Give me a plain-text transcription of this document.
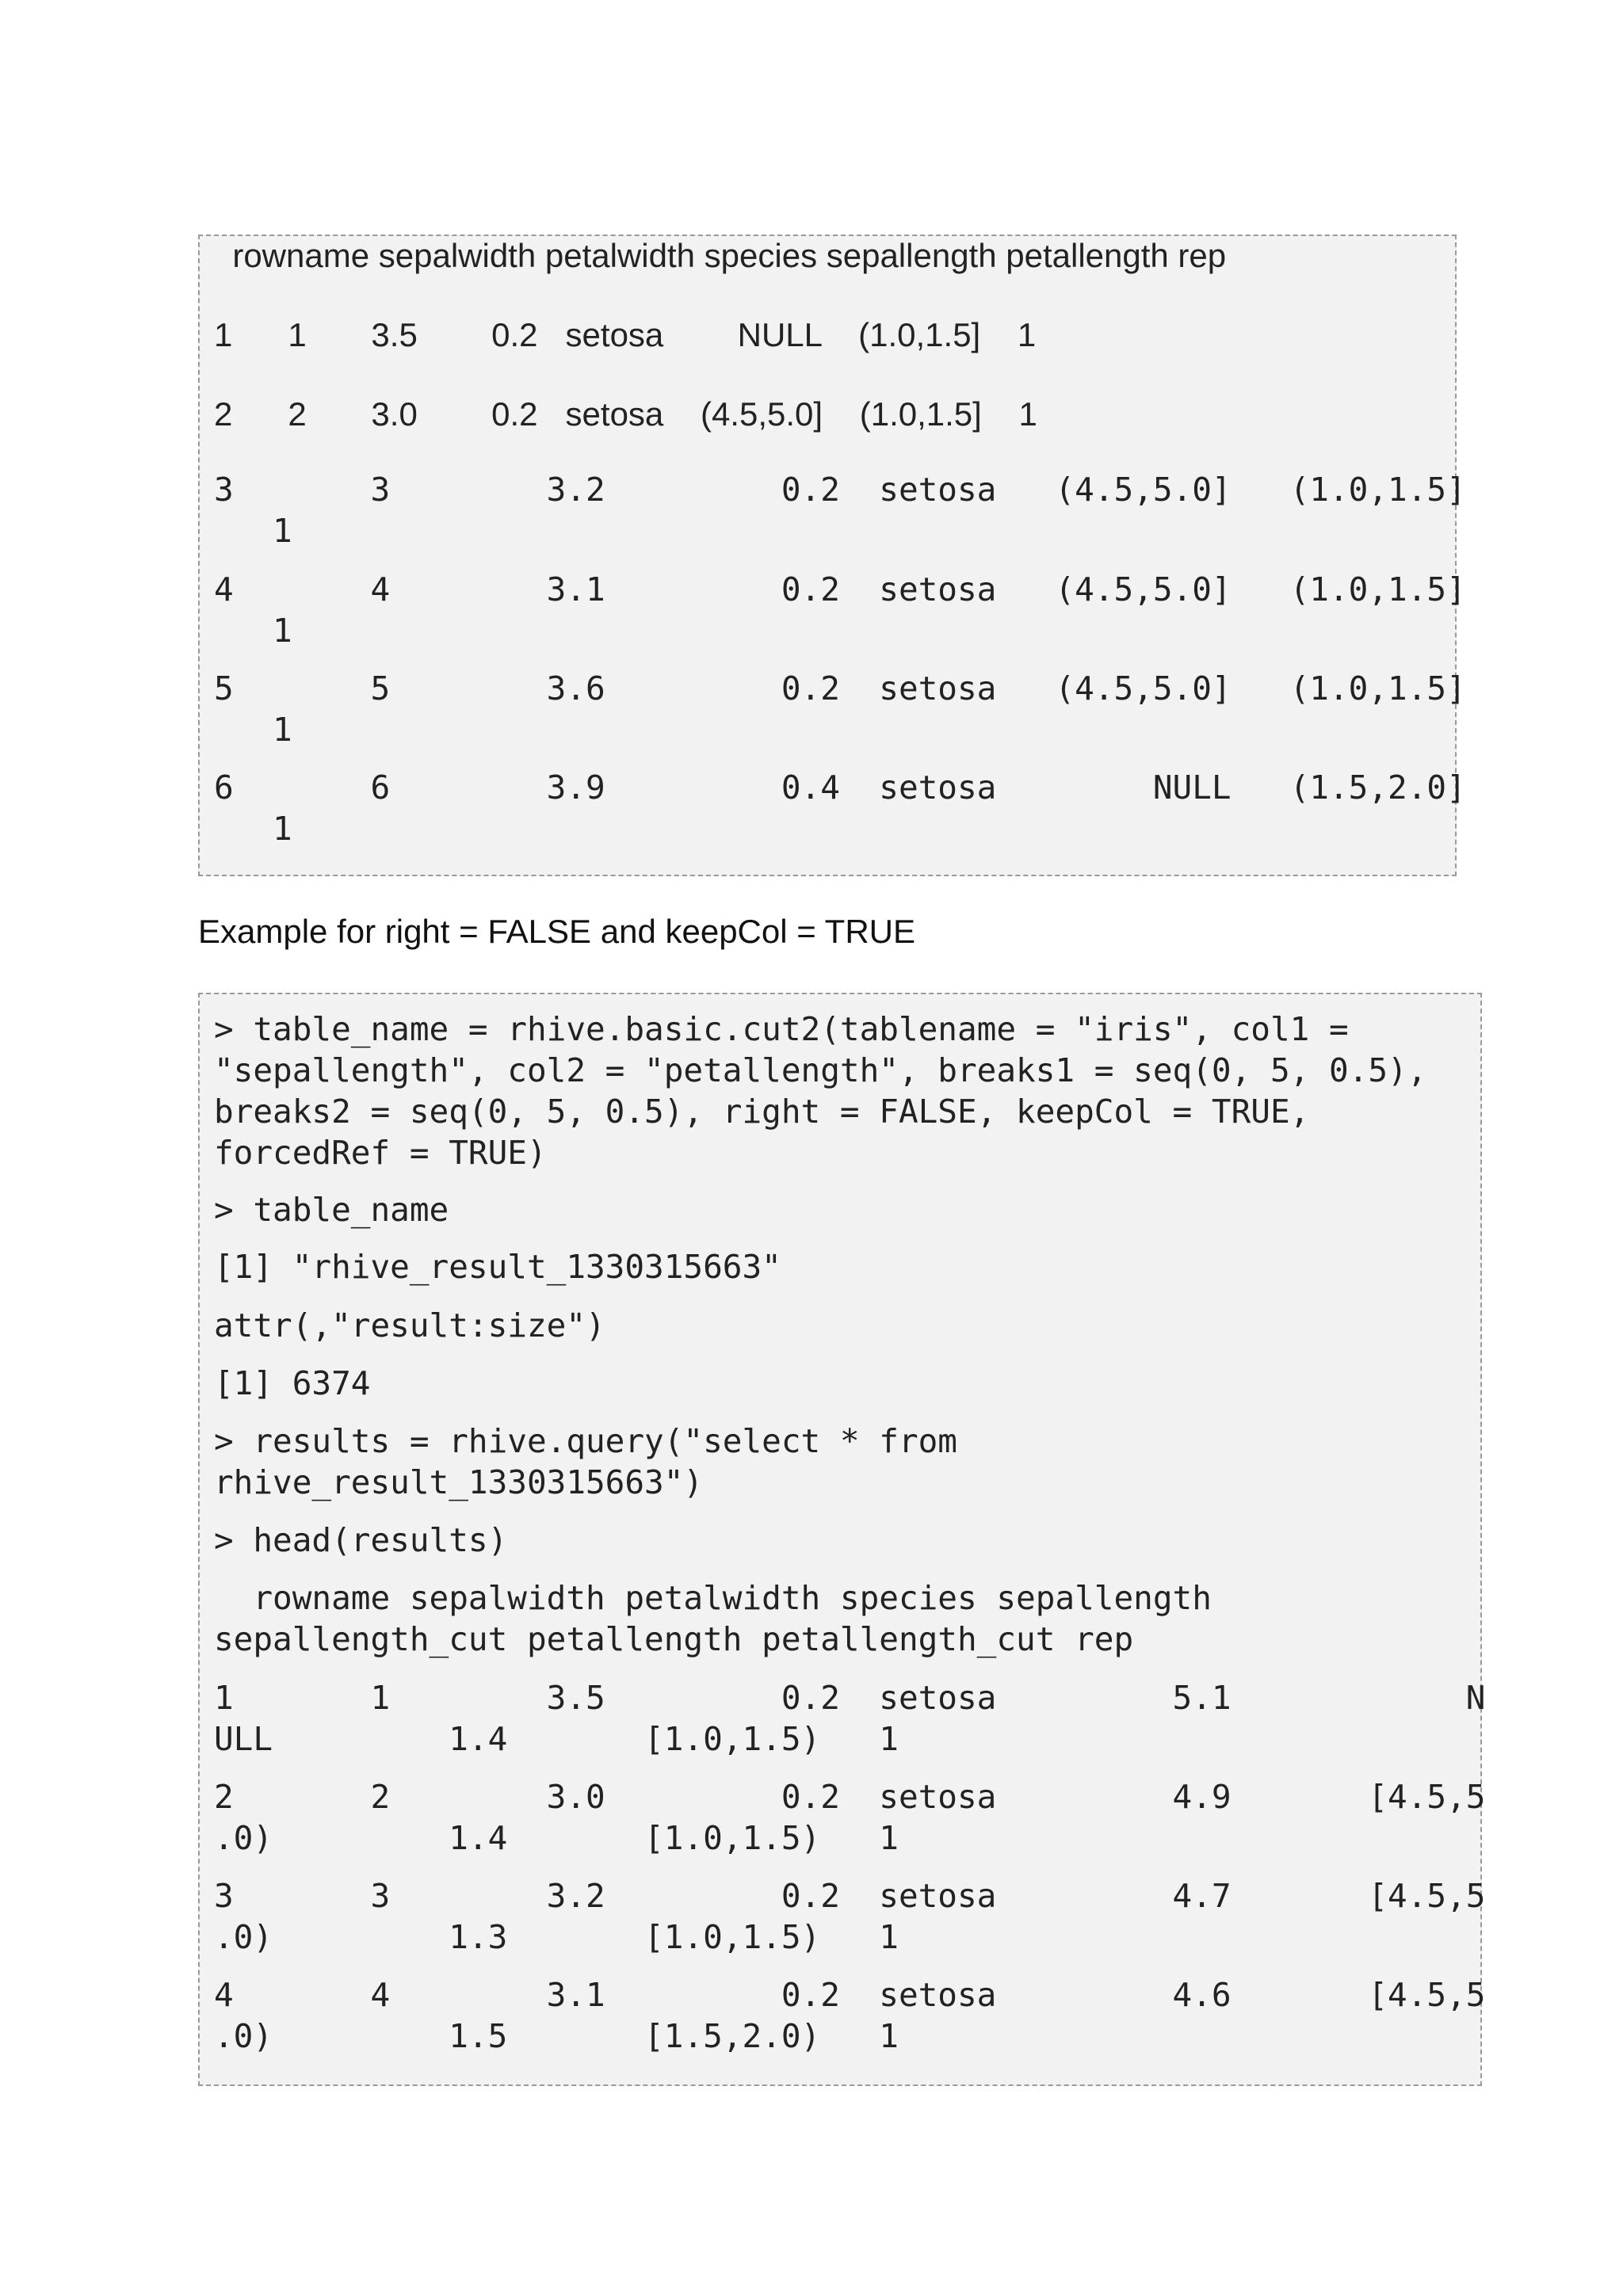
rowname sepalwidth petalwidth species sepallength petallength rep
1      1       3.5        0.2   setosa        NULL    (1.0,1.5]    1
2      2       3.0        0.2   setosa    (4.5,5.0]    (1.0,1.5]    1
3       3        3.2         0.2  setosa   (4.5,5.0]   (1.0,1.5]
1
4       4        3.1         0.2  setosa   (4.5,5.0]   (1.0,1.5]
1
5       5        3.6         0.2  setosa   (4.5,5.0]   (1.0,1.5]
1
6       6        3.9         0.4  setosa        NULL   (1.5,2.0]
1
Example for right = FALSE and keepCol = TRUE
> table_name = rhive.basic.cut2(tablename = "iris", col1 =
"sepallength", col2 = "petallength", breaks1 = seq(0, 5, 0.5),
breaks2 = seq(0, 5, 0.5), right = FALSE, keepCol = TRUE,
forcedRef = TRUE)
> table_name
[1] "rhive_result_1330315663"
attr(,"result:size")
[1] 6374
> results = rhive.query("select * from
rhive_result_1330315663")
> head(results)
rowname sepalwidth petalwidth species sepallength
sepallength_cut petallength petallength_cut rep
1       1        3.5         0.2  setosa         5.1            N
ULL         1.4       [1.0,1.5)   1
2       2        3.0         0.2  setosa         4.9       [4.5,5
.0)         1.4       [1.0,1.5)   1
3       3        3.2         0.2  setosa         4.7       [4.5,5
.0)         1.3       [1.0,1.5)   1
4       4        3.1         0.2  setosa         4.6       [4.5,5
.0)         1.5       [1.5,2.0)   1
